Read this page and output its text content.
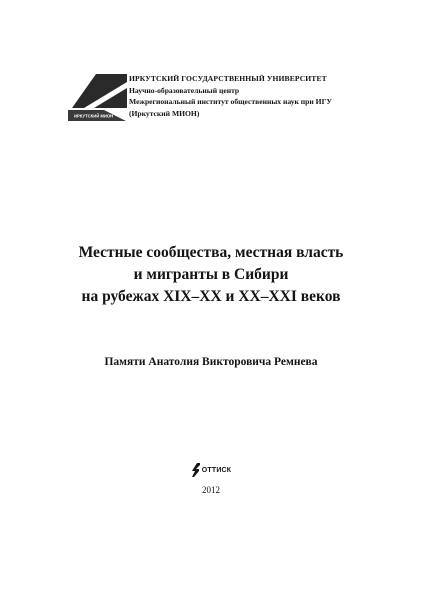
ИРКУТСКИЙ МИОН
ИРКУТСКИЙ ГОСУДАРСТВЕННЫЙ УНИВЕРСИТЕТ
Научно-образовательный центр
Межрегиональный институт общественных наук при ИГУ
(Иркутский МИОН)
Местные сообщества, местная власть
и мигранты в Сибири
на рубежах XIX–XX и XX–XXI веков
Памяти Анатолия Викторовича Ремнева
ОТТИСК
2012
